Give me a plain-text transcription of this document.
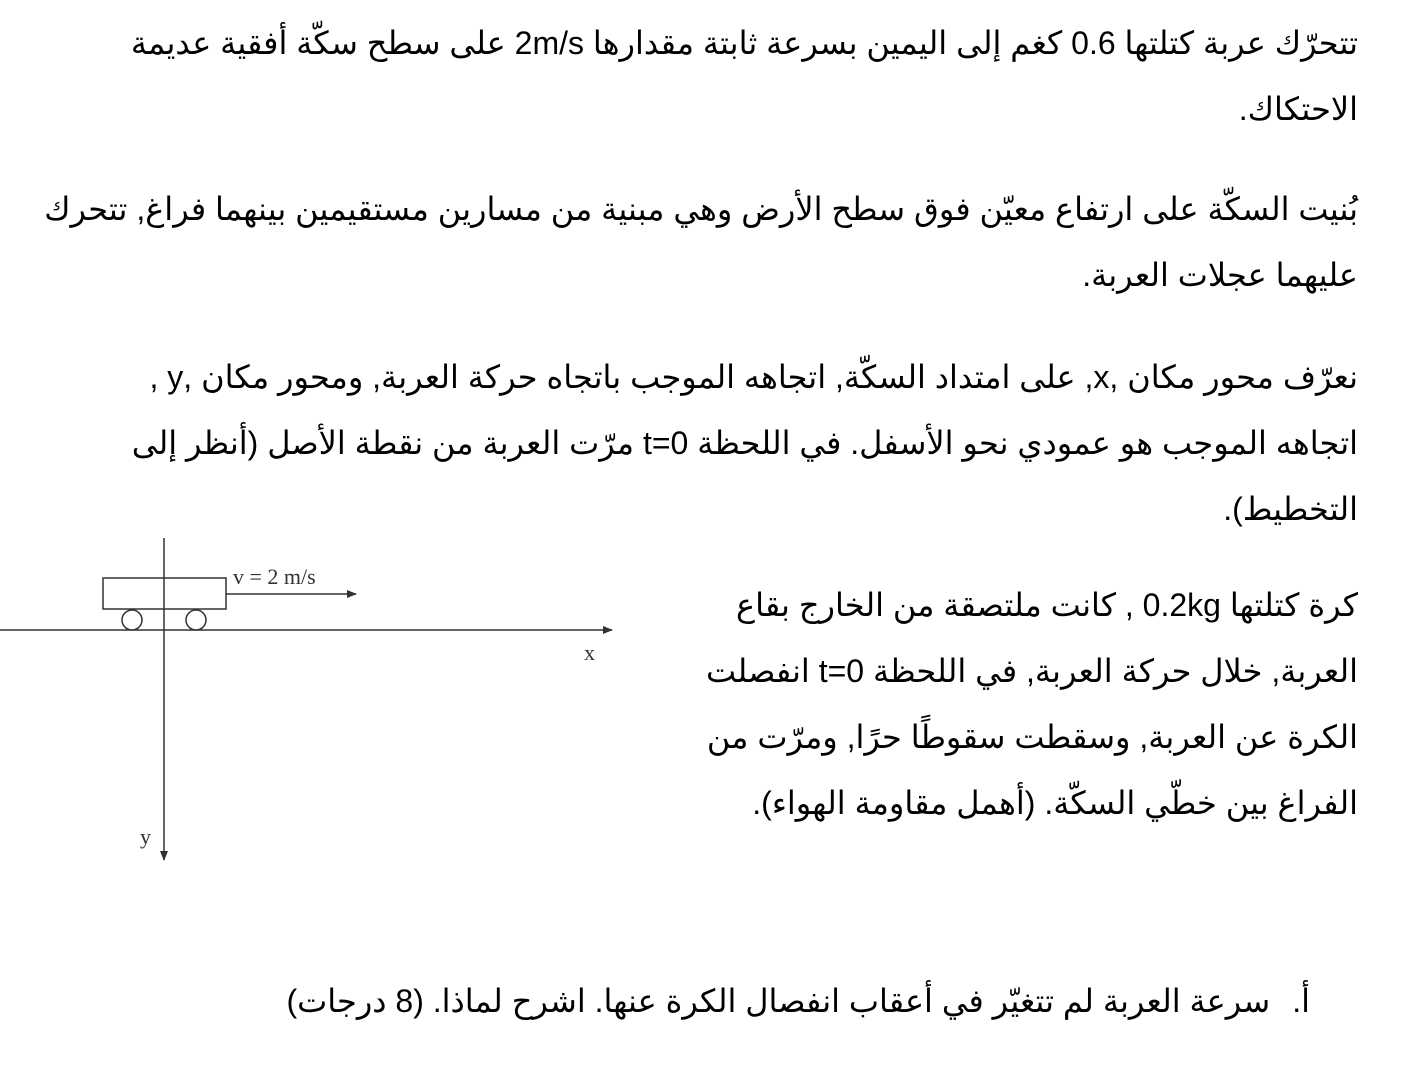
تتحرّك عربة كتلتها 0.6 كغم إلى اليمين بسرعة ثابتة مقدارها 2m/s على سطح سكّة أفقية عديمة
الاحتكاك.
بُنيت السكّة على ارتفاع معيّن فوق سطح الأرض وهي مبنية من مسارين مستقيمين بينهما فراغ, تتحرك
عليهما عجلات العربة.
نعرّف محور مكان ,x, على امتداد السكّة, اتجاهه الموجب باتجاه حركة العربة, ومحور مكان ,y ,
اتجاهه الموجب هو عمودي نحو الأسفل. في اللحظة t=0 مرّت العربة من نقطة الأصل (أنظر إلى
التخطيط).
كرة كتلتها 0.2kg , كانت ملتصقة من الخارج بقاع
العربة, خلال حركة العربة, في اللحظة t=0 انفصلت
الكرة عن العربة, وسقطت سقوطًا حرًا, ومرّت من
الفراغ بين خطّي السكّة. (أهمل مقاومة الهواء).
v = 2 m/s
x
y
أ.سرعة العربة لم تتغيّر في أعقاب انفصال الكرة عنها. اشرح لماذا. (8 درجات)
